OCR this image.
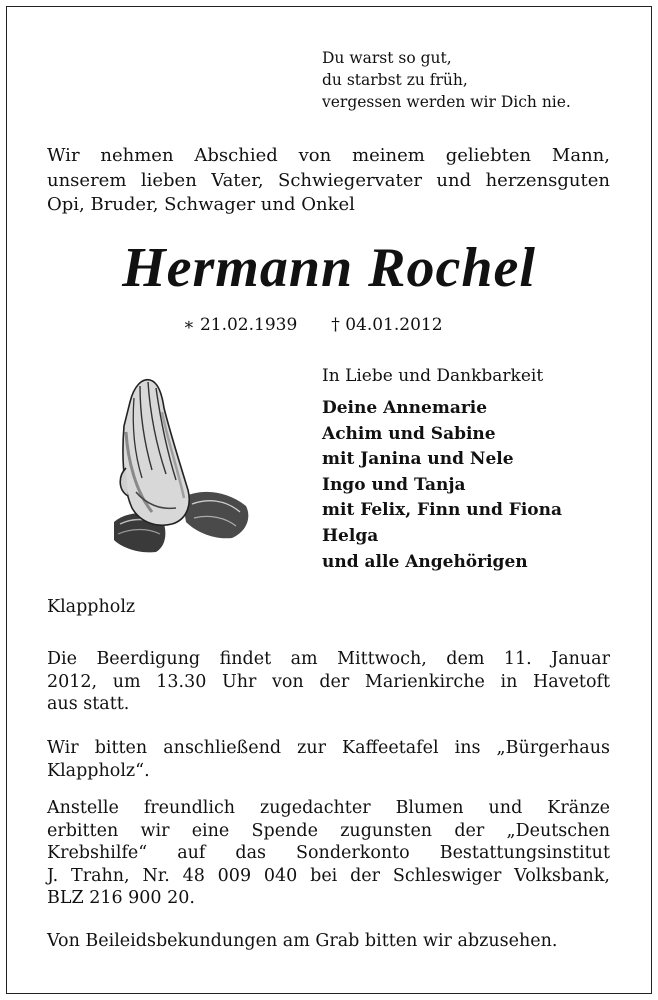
Du warst so gut,
du starbst zu früh,
vergessen werden wir Dich nie.
Wir nehmen Abschied von meinem geliebten Mann,
unserem lieben Vater, Schwiegervater und herzensguten
Opi, Bruder, Schwager und Onkel
Hermann Rochel
∗ 21.02.1939 † 04.01.2012
In Liebe und Dankbarkeit
Deine Annemarie
Achim und Sabine
mit Janina und Nele
Ingo und Tanja
mit Felix, Finn und Fiona
Helga
und alle Angehörigen
Klappholz
Die Beerdigung findet am Mittwoch, dem 11. Januar
2012, um 13.30 Uhr von der Marienkirche in Havetoft
aus statt.
Wir bitten anschließend zur Kaffeetafel ins „Bürgerhaus
Klappholz“.
Anstelle freundlich zugedachter Blumen und Kränze
erbitten wir eine Spende zugunsten der „Deutschen
Krebshilfe“ auf das Sonderkonto Bestattungsinstitut
J. Trahn, Nr. 48 009 040 bei der Schleswiger Volksbank,
BLZ 216 900 20.
Von Beileidsbekundungen am Grab bitten wir abzusehen.
